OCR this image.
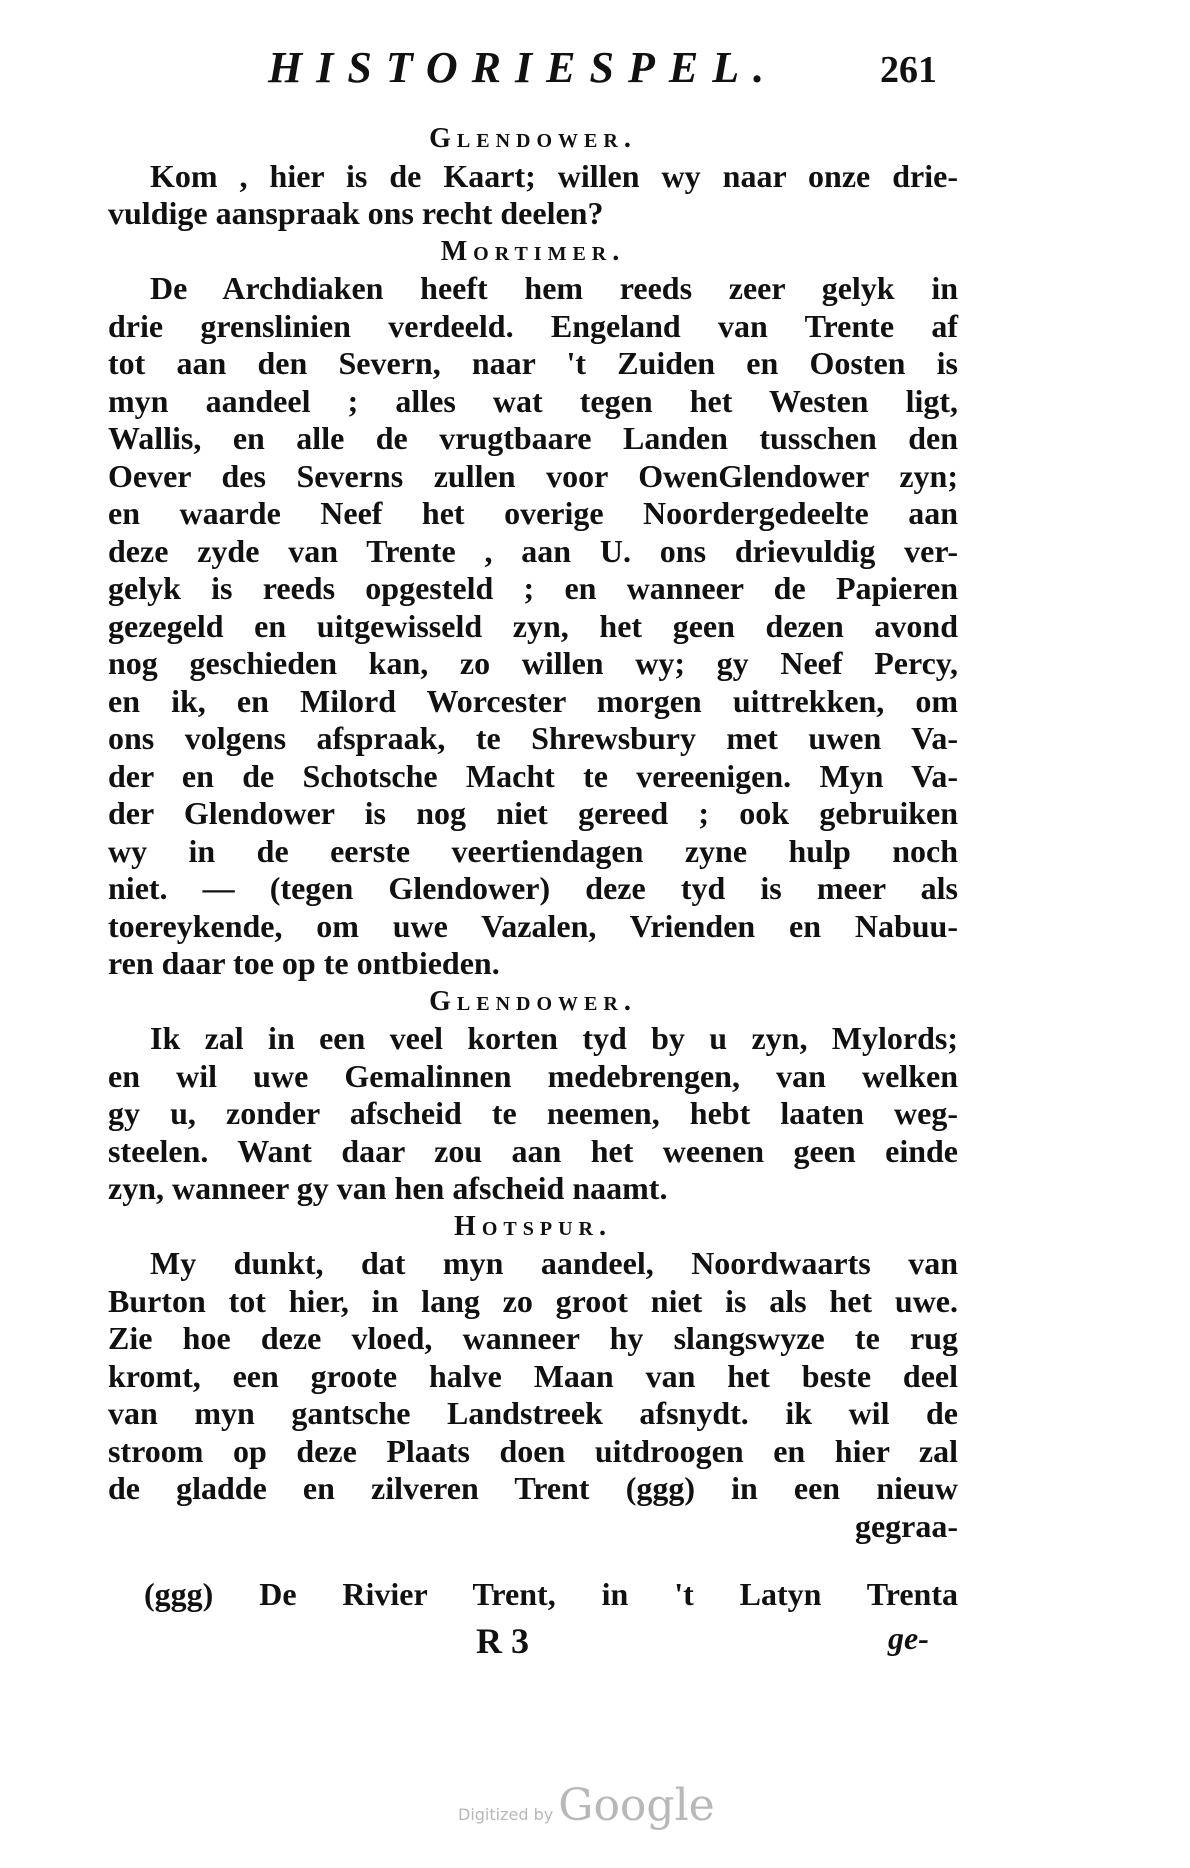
HISTORIESPEL.	261
Glendower.
Kom , hier is de Kaart; willen wy naar onze drie-
vuldige aanspraak ons recht deelen?
Mortimer.
De Archdiaken heeft hem reeds zeer gelyk in
drie grenslinien verdeeld. Engeland van Trente af
tot aan den Severn, naar 't Zuiden en Oosten is
myn aandeel ; alles wat tegen het Westen ligt,
Wallis, en alle de vrugtbaare Landen tusschen den
Oever des Severns zullen voor OwenGlendower zyn;
en waarde Neef het overige Noordergedeelte aan
deze zyde van Trente , aan U. ons drievuldig ver-
gelyk is reeds opgesteld ; en wanneer de Papieren
gezegeld en uitgewisseld zyn, het geen dezen avond
nog geschieden kan, zo willen wy; gy Neef Percy,
en ik, en Milord Worcester morgen uittrekken, om
ons volgens afspraak, te Shrewsbury met uwen Va-
der en de Schotsche Macht te vereenigen. Myn Va-
der Glendower is nog niet gereed ; ook gebruiken
wy in de eerste veertiendagen zyne hulp noch
niet. — (tegen Glendower) deze tyd is meer als
toereykende, om uwe Vazalen, Vrienden en Nabuu-
ren daar toe op te ontbieden.
Glendower.
Ik zal in een veel korten tyd by u zyn, Mylords;
en wil uwe Gemalinnen medebrengen, van welken
gy u, zonder afscheid te neemen, hebt laaten weg-
steelen. Want daar zou aan het weenen geen einde
zyn, wanneer gy van hen afscheid naamt.
Hotspur.
My dunkt, dat myn aandeel, Noordwaarts van
Burton tot hier, in lang zo groot niet is als het uwe.
Zie hoe deze vloed, wanneer hy slangswyze te rug
kromt, een groote halve Maan van het beste deel
van myn gantsche Landstreek afsnydt. ik wil de
stroom op deze Plaats doen uitdroogen en hier zal
de gladde en zilveren Trent (ggg) in een nieuw
gegraa-
(ggg) De Rivier Trent, in 't Latyn Trenta
R 3	ge-
Digitized by Google
